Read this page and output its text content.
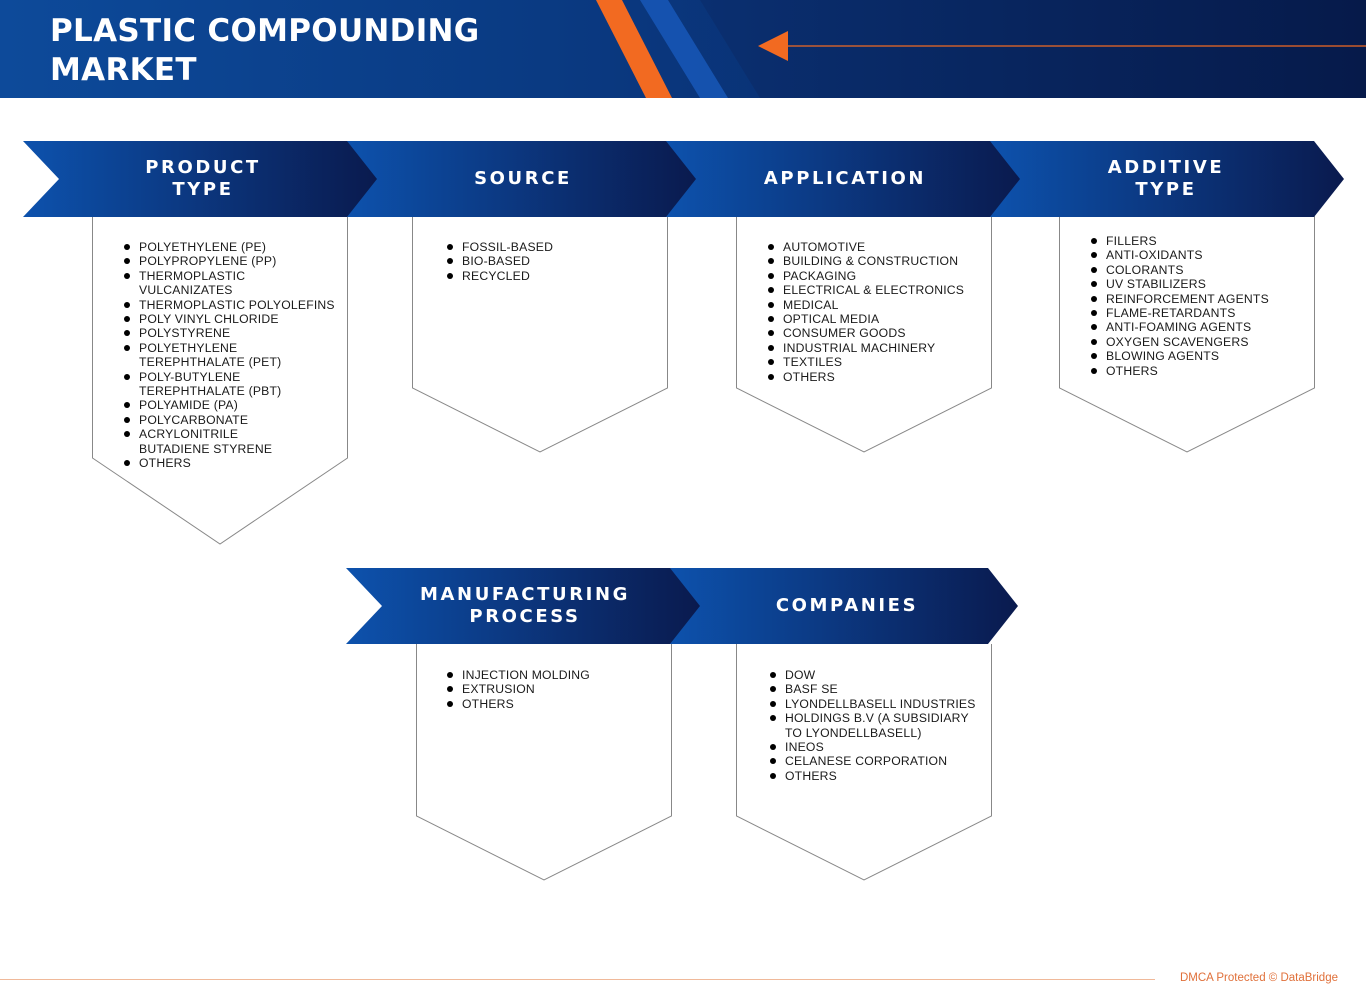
PLASTIC COMPOUNDING
MARKET
POLYETHYLENE (PE)
POLYPROPYLENE (PP)
THERMOPLASTIC VULCANIZATES
THERMOPLASTIC POLYOLEFINS
POLY VINYL CHLORIDE
POLYSTYRENE
POLYETHYLENE TEREPHTHALATE (PET)
POLY-BUTYLENE TEREPHTHALATE (PBT)
POLYAMIDE (PA)
POLYCARBONATE
ACRYLONITRILE BUTADIENE STYRENE
OTHERS
FOSSIL-BASED
BIO-BASED
RECYCLED
AUTOMOTIVE
BUILDING & CONSTRUCTION
PACKAGING
ELECTRICAL & ELECTRONICS
MEDICAL
OPTICAL MEDIA
CONSUMER GOODS
INDUSTRIAL MACHINERY
TEXTILES
OTHERS
FILLERS
ANTI-OXIDANTS
COLORANTS
UV STABILIZERS
REINFORCEMENT AGENTS
FLAME-RETARDANTS
ANTI-FOAMING AGENTS
OXYGEN SCAVENGERS
BLOWING AGENTS
OTHERS
ADDITIVE
TYPE
APPLICATION
SOURCE
PRODUCT
TYPE
INJECTION MOLDING
EXTRUSION
OTHERS
DOW
BASF SE
LYONDELLBASELL INDUSTRIES
HOLDINGS B.V (A SUBSIDIARY TO LYONDELLBASELL)
INEOS
CELANESE CORPORATION
OTHERS
COMPANIES
MANUFACTURING
PROCESS
DMCA Protected © DataBridge
